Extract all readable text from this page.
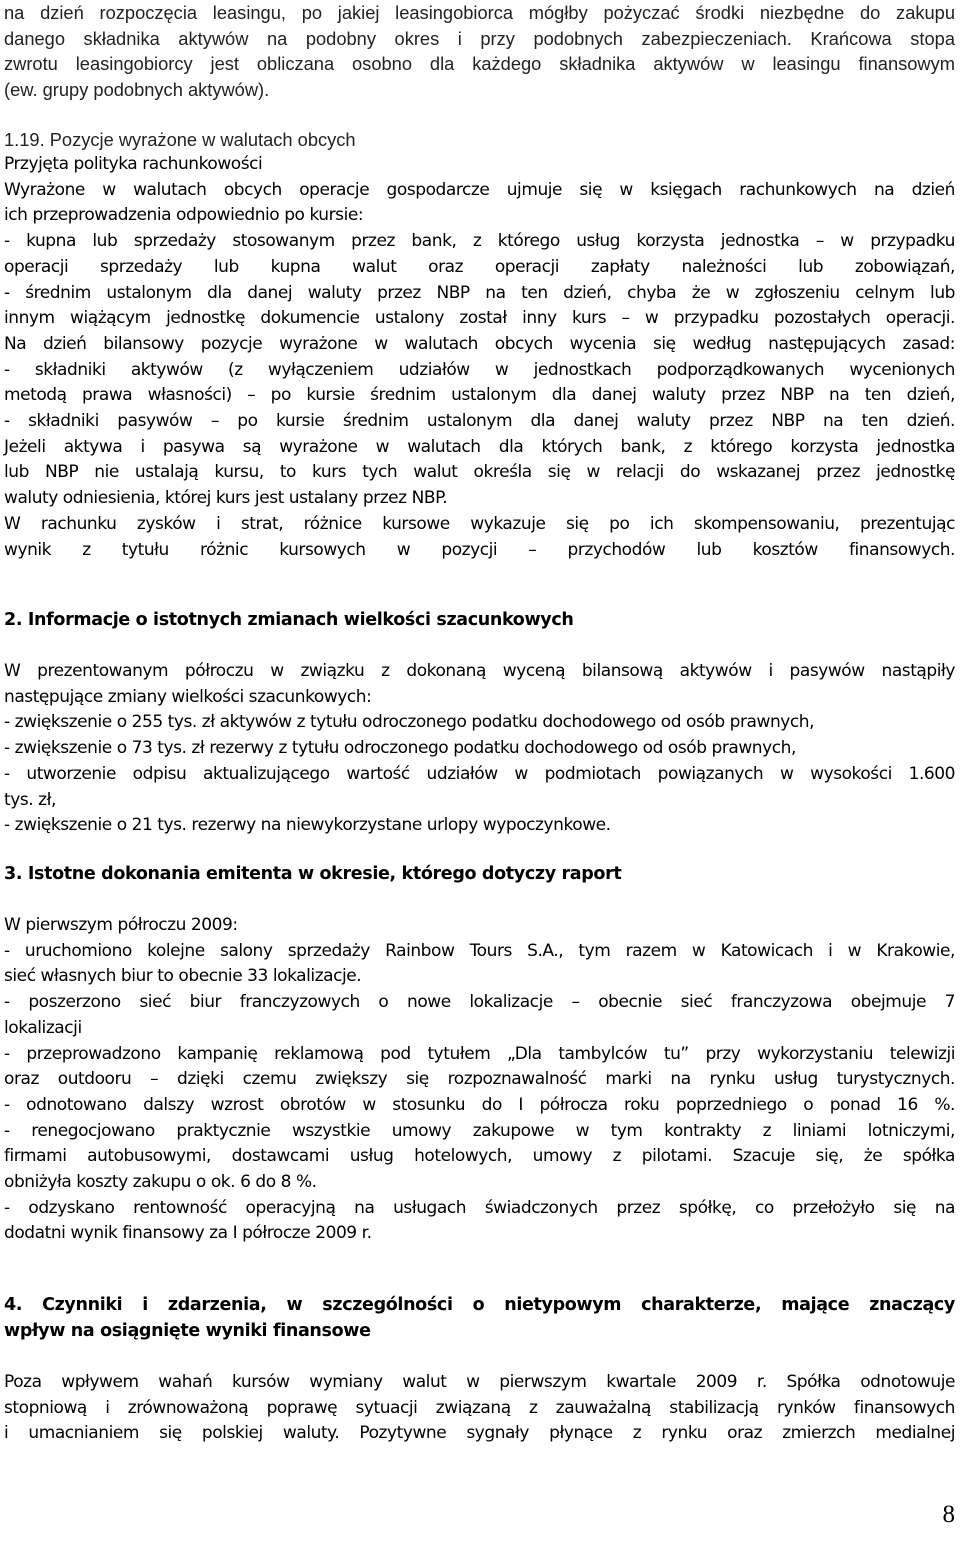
na dzień rozpoczęcia leasingu, po jakiej leasingobiorca mógłby pożyczać środki niezbędne do zakupu
danego składnika aktywów na podobny okres i przy podobnych zabezpieczeniach. Krańcowa stopa
zwrotu leasingobiorcy jest obliczana osobno dla każdego składnika aktywów w leasingu finansowym
(ew. grupy podobnych aktywów).
1.19. Pozycje wyrażone w walutach obcych
Przyjęta polityka rachunkowości
Wyrażone w walutach obcych operacje gospodarcze ujmuje się w księgach rachunkowych na dzień
ich przeprowadzenia odpowiednio po kursie:
- kupna lub sprzedaży stosowanym przez bank, z którego usług korzysta jednostka – w przypadku
operacji sprzedaży lub kupna walut oraz operacji zapłaty należności lub zobowiązań,
- średnim ustalonym dla danej waluty przez NBP na ten dzień, chyba że w zgłoszeniu celnym lub
innym wiążącym jednostkę dokumencie ustalony został inny kurs – w przypadku pozostałych operacji.
Na dzień bilansowy pozycje wyrażone w walutach obcych wycenia się według następujących zasad:
- składniki aktywów (z wyłączeniem udziałów w jednostkach podporządkowanych wycenionych
metodą prawa własności) – po kursie średnim ustalonym dla danej waluty przez NBP na ten dzień,
- składniki pasywów – po kursie średnim ustalonym dla danej waluty przez NBP na ten dzień.
Jeżeli aktywa i pasywa są wyrażone w walutach dla których bank, z którego korzysta jednostka
lub NBP nie ustalają kursu, to kurs tych walut określa się w relacji do wskazanej przez jednostkę
waluty odniesienia, której kurs jest ustalany przez NBP.
W rachunku zysków i strat, różnice kursowe wykazuje się po ich skompensowaniu, prezentując
wynik z tytułu różnic kursowych w pozycji – przychodów lub kosztów finansowych.
2. Informacje o istotnych zmianach wielkości szacunkowych
W prezentowanym półroczu w związku z dokonaną wyceną bilansową aktywów i pasywów nastąpiły
następujące zmiany wielkości szacunkowych:
- zwiększenie o 255 tys. zł aktywów z tytułu odroczonego podatku dochodowego od osób prawnych,
- zwiększenie o 73 tys. zł rezerwy z tytułu odroczonego podatku dochodowego od osób prawnych,
- utworzenie odpisu aktualizującego wartość udziałów w podmiotach powiązanych w wysokości 1.600
tys. zł,
- zwiększenie o 21 tys. rezerwy na niewykorzystane urlopy wypoczynkowe.
3. Istotne dokonania emitenta w okresie, którego dotyczy raport
W pierwszym półroczu 2009:
- uruchomiono kolejne salony sprzedaży Rainbow Tours S.A., tym razem w Katowicach i w Krakowie,
sieć własnych biur to obecnie 33 lokalizacje.
- poszerzono sieć biur franczyzowych o nowe lokalizacje – obecnie sieć franczyzowa obejmuje 7
lokalizacji
- przeprowadzono kampanię reklamową pod tytułem „Dla tambylców tu” przy wykorzystaniu telewizji
oraz outdooru – dzięki czemu zwiększy się rozpoznawalność marki na rynku usług turystycznych.
- odnotowano dalszy wzrost obrotów w stosunku do I półrocza roku poprzedniego o ponad 16 %.
- renegocjowano praktycznie wszystkie umowy zakupowe w tym kontrakty z liniami lotniczymi,
firmami autobusowymi, dostawcami usług hotelowych, umowy z pilotami. Szacuje się, że spółka
obniżyła koszty zakupu o ok. 6 do 8 %.
- odzyskano rentowność operacyjną na usługach świadczonych przez spółkę, co przełożyło się na
dodatni wynik finansowy za I półrocze 2009 r.
4. Czynniki i zdarzenia, w szczególności o nietypowym charakterze, mające znaczący
wpływ na osiągnięte wyniki finansowe
Poza wpływem wahań kursów wymiany walut w pierwszym kwartale 2009 r. Spółka odnotowuje
stopniową i zrównoważoną poprawę sytuacji związaną z zauważalną stabilizacją rynków finansowych
i umacnianiem się polskiej waluty. Pozytywne sygnały płynące z rynku oraz zmierzch medialnej
8
